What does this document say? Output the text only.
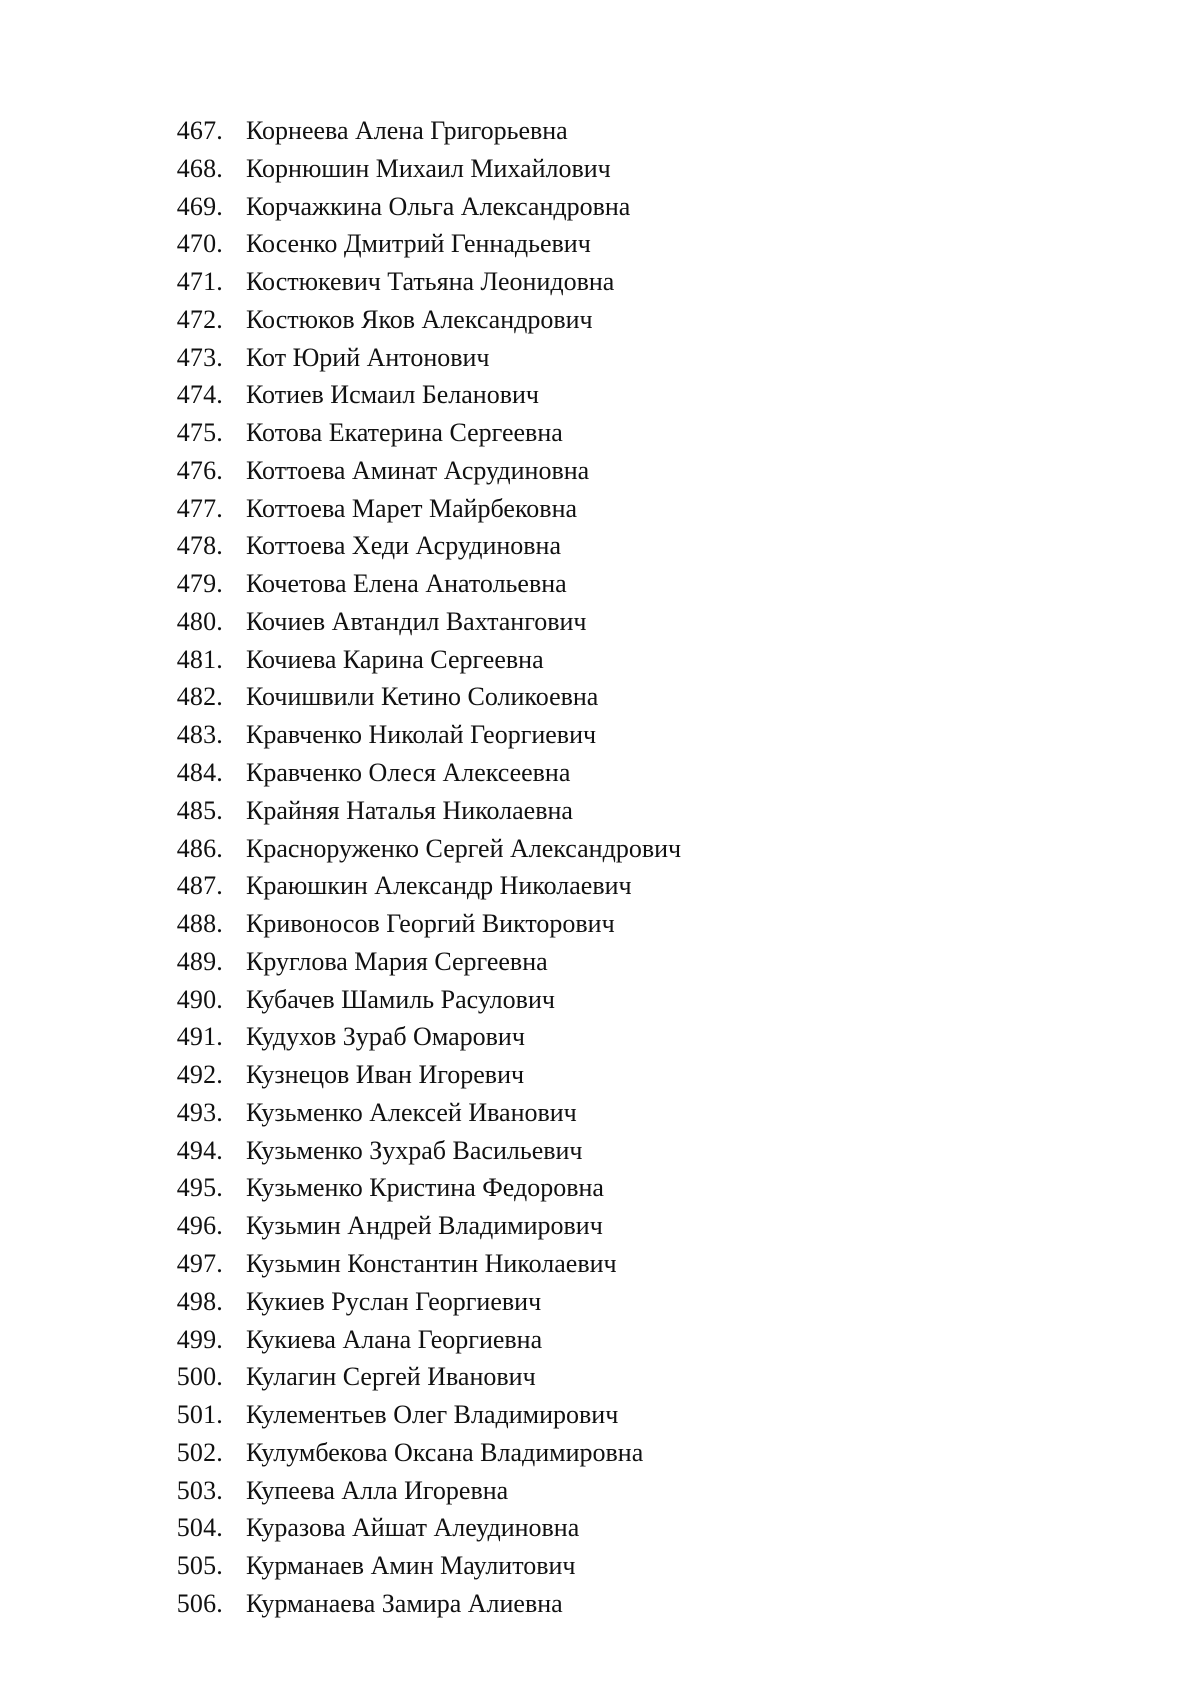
467. Корнеева Алена Григорьевна
468. Корнюшин Михаил Михайлович
469. Корчажкина Ольга Александровна
470. Косенко Дмитрий Геннадьевич
471. Костюкевич Татьяна Леонидовна
472. Костюков Яков Александрович
473. Кот Юрий Антонович
474. Котиев Исмаил Беланович
475. Котова Екатерина Сергеевна
476. Коттоева Аминат Асрудиновна
477. Коттоева Марет Майрбековна
478. Коттоева Хеди Асрудиновна
479. Кочетова Елена Анатольевна
480. Кочиев Автандил Вахтангович
481. Кочиева Карина Сергеевна
482. Кочишвили Кетино Соликоевна
483. Кравченко Николай Георгиевич
484. Кравченко Олеся Алексеевна
485. Крайняя Наталья Николаевна
486. Красноруженко Сергей Александрович
487. Краюшкин Александр Николаевич
488. Кривоносов Георгий Викторович
489. Круглова Мария Сергеевна
490. Кубачев Шамиль Расулович
491. Кудухов Зураб Омарович
492. Кузнецов Иван Игоревич
493. Кузьменко Алексей Иванович
494. Кузьменко Зухраб Васильевич
495. Кузьменко Кристина Федоровна
496. Кузьмин Андрей Владимирович
497. Кузьмин Константин Николаевич
498. Кукиев Руслан Георгиевич
499. Кукиева Алана Георгиевна
500. Кулагин Сергей Иванович
501. Кулементьев Олег Владимирович
502. Кулумбекова Оксана Владимировна
503. Купеева Алла Игоревна
504. Куразова Айшат Алеудиновна
505. Курманаев Амин Маулитович
506. Курманаева Замира Алиевна
